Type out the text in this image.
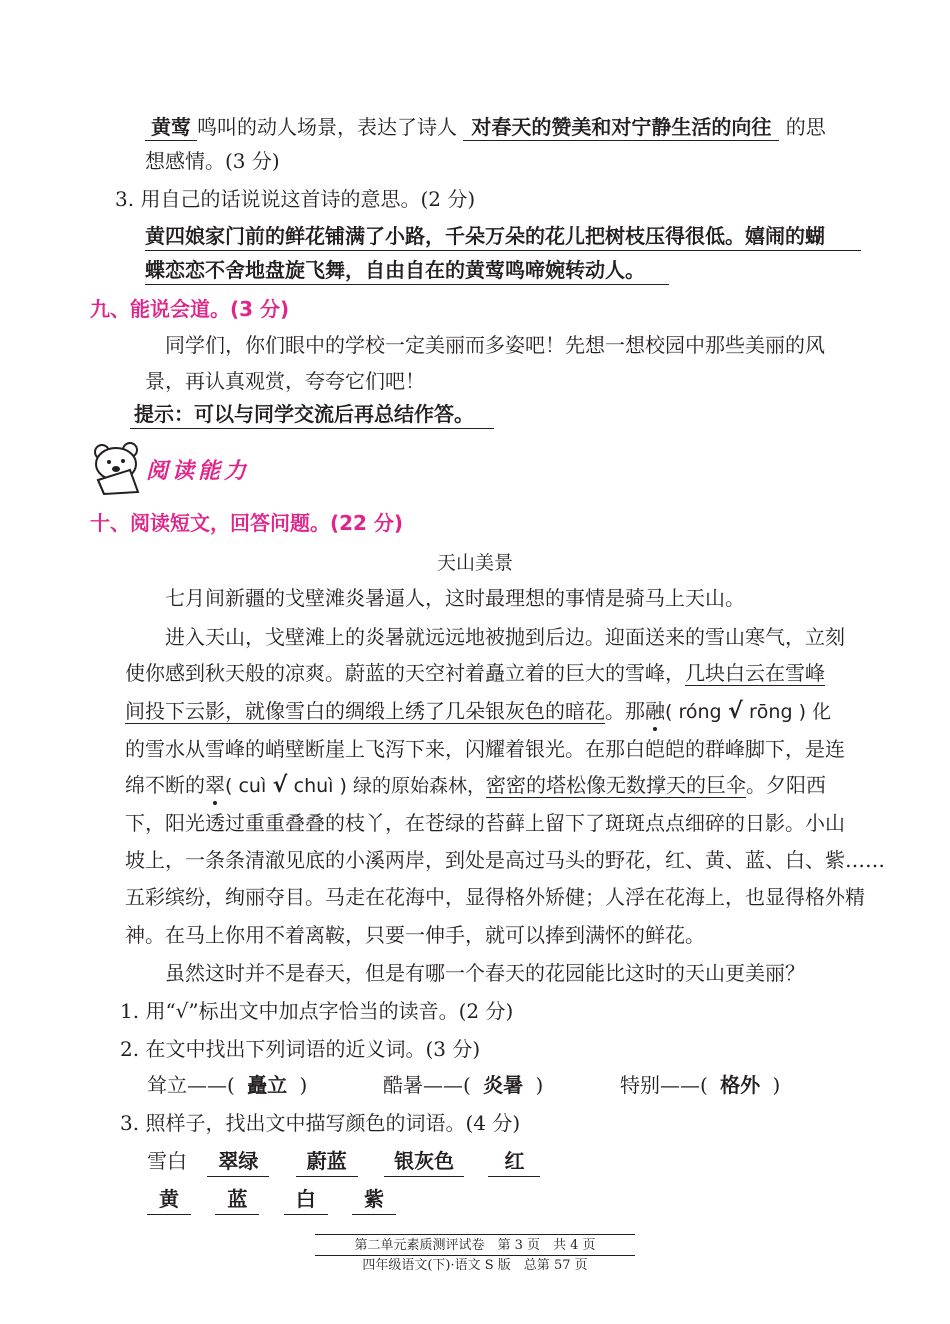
黄莺 鸣叫的动人场景，表达了诗人 对春天的赞美和对宁静生活的向往 的思
想感情。(3 分)
3. 用自己的话说说这首诗的意思。(2 分)
黄四娘家门前的鲜花铺满了小路，千朵万朵的花儿把树枝压得很低。嬉闹的蝴
蝶恋恋不舍地盘旋飞舞，自由自在的黄莺鸣啼婉转动人。
九、能说会道。(3 分)
同学们，你们眼中的学校一定美丽而多姿吧！先想一想校园中那些美丽的风
景，再认真观赏，夸夸它们吧！
提示：可以与同学交流后再总结作答。
阅读能力
十、阅读短文，回答问题。(22 分)
天山美景
七月间新疆的戈壁滩炎暑逼人，这时最理想的事情是骑马上天山。
进入天山，戈壁滩上的炎暑就远远地被抛到后边。迎面送来的雪山寒气，立刻
使你感到秋天般的凉爽。蔚蓝的天空衬着矗立着的巨大的雪峰，几块白云在雪峰
间投下云影，就像雪白的绸缎上绣了几朵银灰色的暗花。那融( róng √ rōng ) 化
的雪水从雪峰的峭壁断崖上飞泻下来，闪耀着银光。在那白皑皑的群峰脚下，是连
绵不断的翠( cuì √ chuì ) 绿的原始森林，密密的塔松像无数撑天的巨伞。夕阳西
下，阳光透过重重叠叠的枝丫，在苍绿的苔藓上留下了斑斑点点细碎的日影。小山
坡上，一条条清澈见底的小溪两岸，到处是高过马头的野花，红、黄、蓝、白、紫……
五彩缤纷，绚丽夺目。马走在花海中，显得格外矫健；人浮在花海上，也显得格外精
神。在马上你用不着离鞍，只要一伸手，就可以捧到满怀的鲜花。
虽然这时并不是春天，但是有哪一个春天的花园能比这时的天山更美丽？
1. 用“√”标出文中加点字恰当的读音。(2 分)
2. 在文中找出下列词语的近义词。(3 分)
耸立——( 矗立 )	酷暑——( 炎暑 )	特别——( 格外 )
3. 照样子，找出文中描写颜色的词语。(4 分)
雪白 翠绿 蔚蓝 银灰色	红
黄 蓝 白 紫
第二单元素质测评试卷　第 3 页　共 4 页
四年级语文(下)·语文 S 版　总第 57 页
